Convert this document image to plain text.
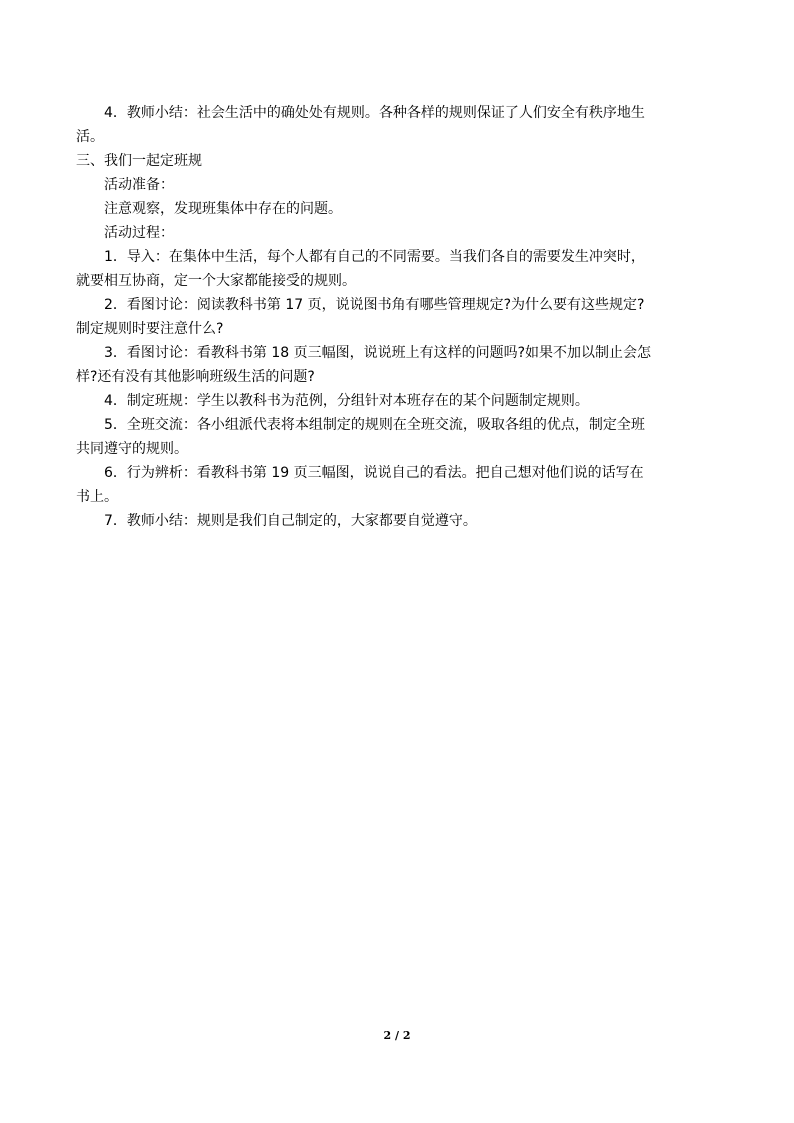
4．教师小结：社会生活中的确处处有规则。各种各样的规则保证了人们安全有秩序地生
活。
三、我们一起定班规
活动准备：
注意观察，发现班集体中存在的问题。
活动过程：
1．导入：在集体中生活，每个人都有自己的不同需要。当我们各自的需要发生冲突时，
就要相互协商，定一个大家都能接受的规则。
2．看图讨论：阅读教科书第 17 页，说说图书角有哪些管理规定?为什么要有这些规定?
制定规则时要注意什么?
3．看图讨论：看教科书第 18 页三幅图，说说班上有这样的问题吗?如果不加以制止会怎
样?还有没有其他影响班级生活的问题?
4．制定班规：学生以教科书为范例，分组针对本班存在的某个问题制定规则。
5．全班交流：各小组派代表将本组制定的规则在全班交流，吸取各组的优点，制定全班
共同遵守的规则。
6．行为辨析：看教科书第 19 页三幅图，说说自己的看法。把自己想对他们说的话写在
书上。
7．教师小结：规则是我们自己制定的，大家都要自觉遵守。
2 / 2
